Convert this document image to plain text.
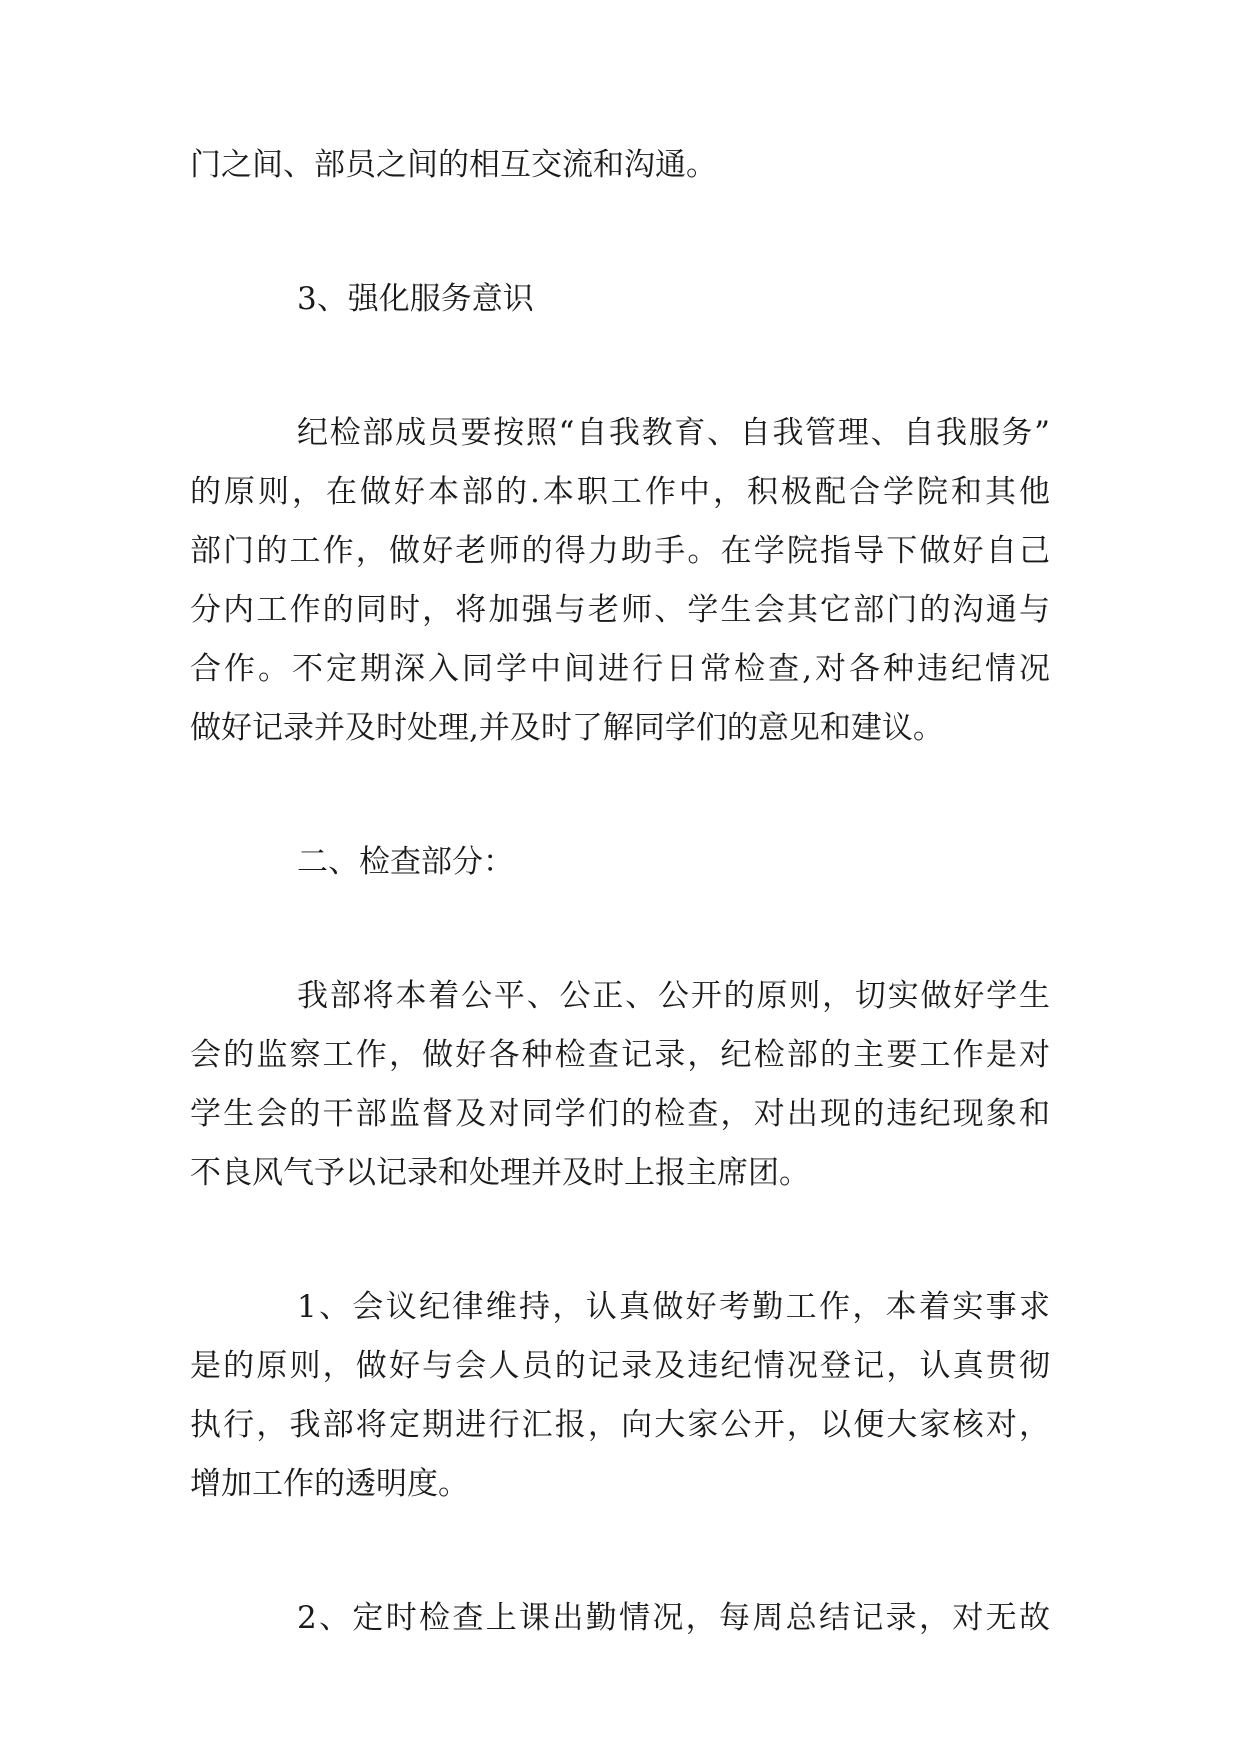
门之间、部员之间的相互交流和沟通。
3、强化服务意识
纪检部成员要按照“自我教育、自我管理、自我服务”
的原则，在做好本部的.本职工作中，积极配合学院和其他
部门的工作，做好老师的得力助手。在学院指导下做好自己
分内工作的同时，将加强与老师、学生会其它部门的沟通与
合作。不定期深入同学中间进行日常检查,对各种违纪情况
做好记录并及时处理,并及时了解同学们的意见和建议。
二、检查部分：
我部将本着公平、公正、公开的原则，切实做好学生
会的监察工作，做好各种检查记录，纪检部的主要工作是对
学生会的干部监督及对同学们的检查，对出现的违纪现象和
不良风气予以记录和处理并及时上报主席团。
1、会议纪律维持，认真做好考勤工作，本着实事求
是的原则，做好与会人员的记录及违纪情况登记，认真贯彻
执行，我部将定期进行汇报，向大家公开，以便大家核对，
增加工作的透明度。
2、定时检查上课出勤情况，每周总结记录，对无故
